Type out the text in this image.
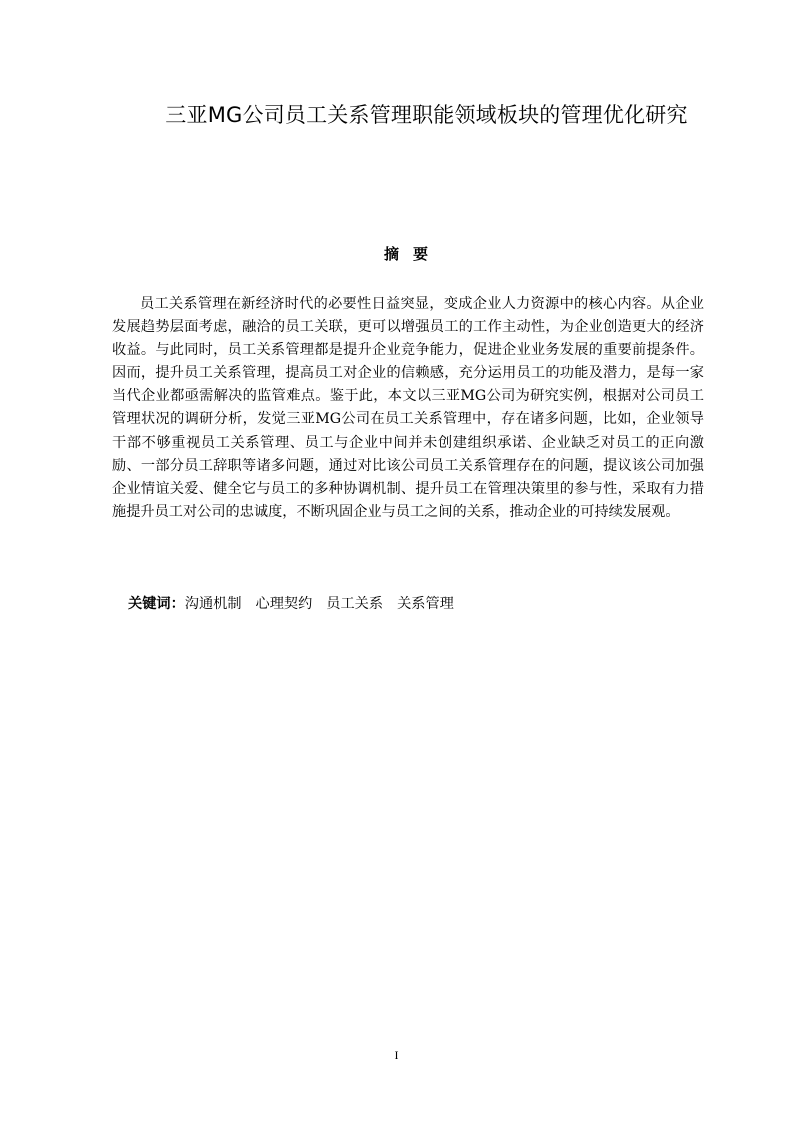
三亚MG公司员工关系管理职能领域板块的管理优化研究
摘要

员工关系管理在新经济时代的必要性日益突显，变成企业人力资源中的核心内容。从企业发展趋势层面考虑，融洽的员工关联，更可以增强员工的工作主动性，为企业创造更大的经济收益。与此同时，员工关系管理都是提升企业竞争能力，促进企业业务发展的重要前提条件。因而，提升员工关系管理，提高员工对企业的信赖感，充分运用员工的功能及潜力，是每一家当代企业都亟需解决的监管难点。鉴于此，本文以三亚MG公司为研究实例，根据对公司员工管理状况的调研分析，发觉三亚MG公司在员工关系管理中，存在诸多问题，比如，企业领导干部不够重视员工关系管理、员工与企业中间并未创建组织承诺、企业缺乏对员工的正向激励、一部分员工辞职等诸多问题，通过对比该公司员工关系管理存在的问题，提议该公司加强企业情谊关爱、健全它与员工的多种协调机制、提升员工在管理决策里的参与性，采取有力措施提升员工对公司的忠诚度，不断巩固企业与员工之间的关系，推动企业的可持续发展观。

关键词：沟通机制 心理契约 员工关系 关系管理
I
